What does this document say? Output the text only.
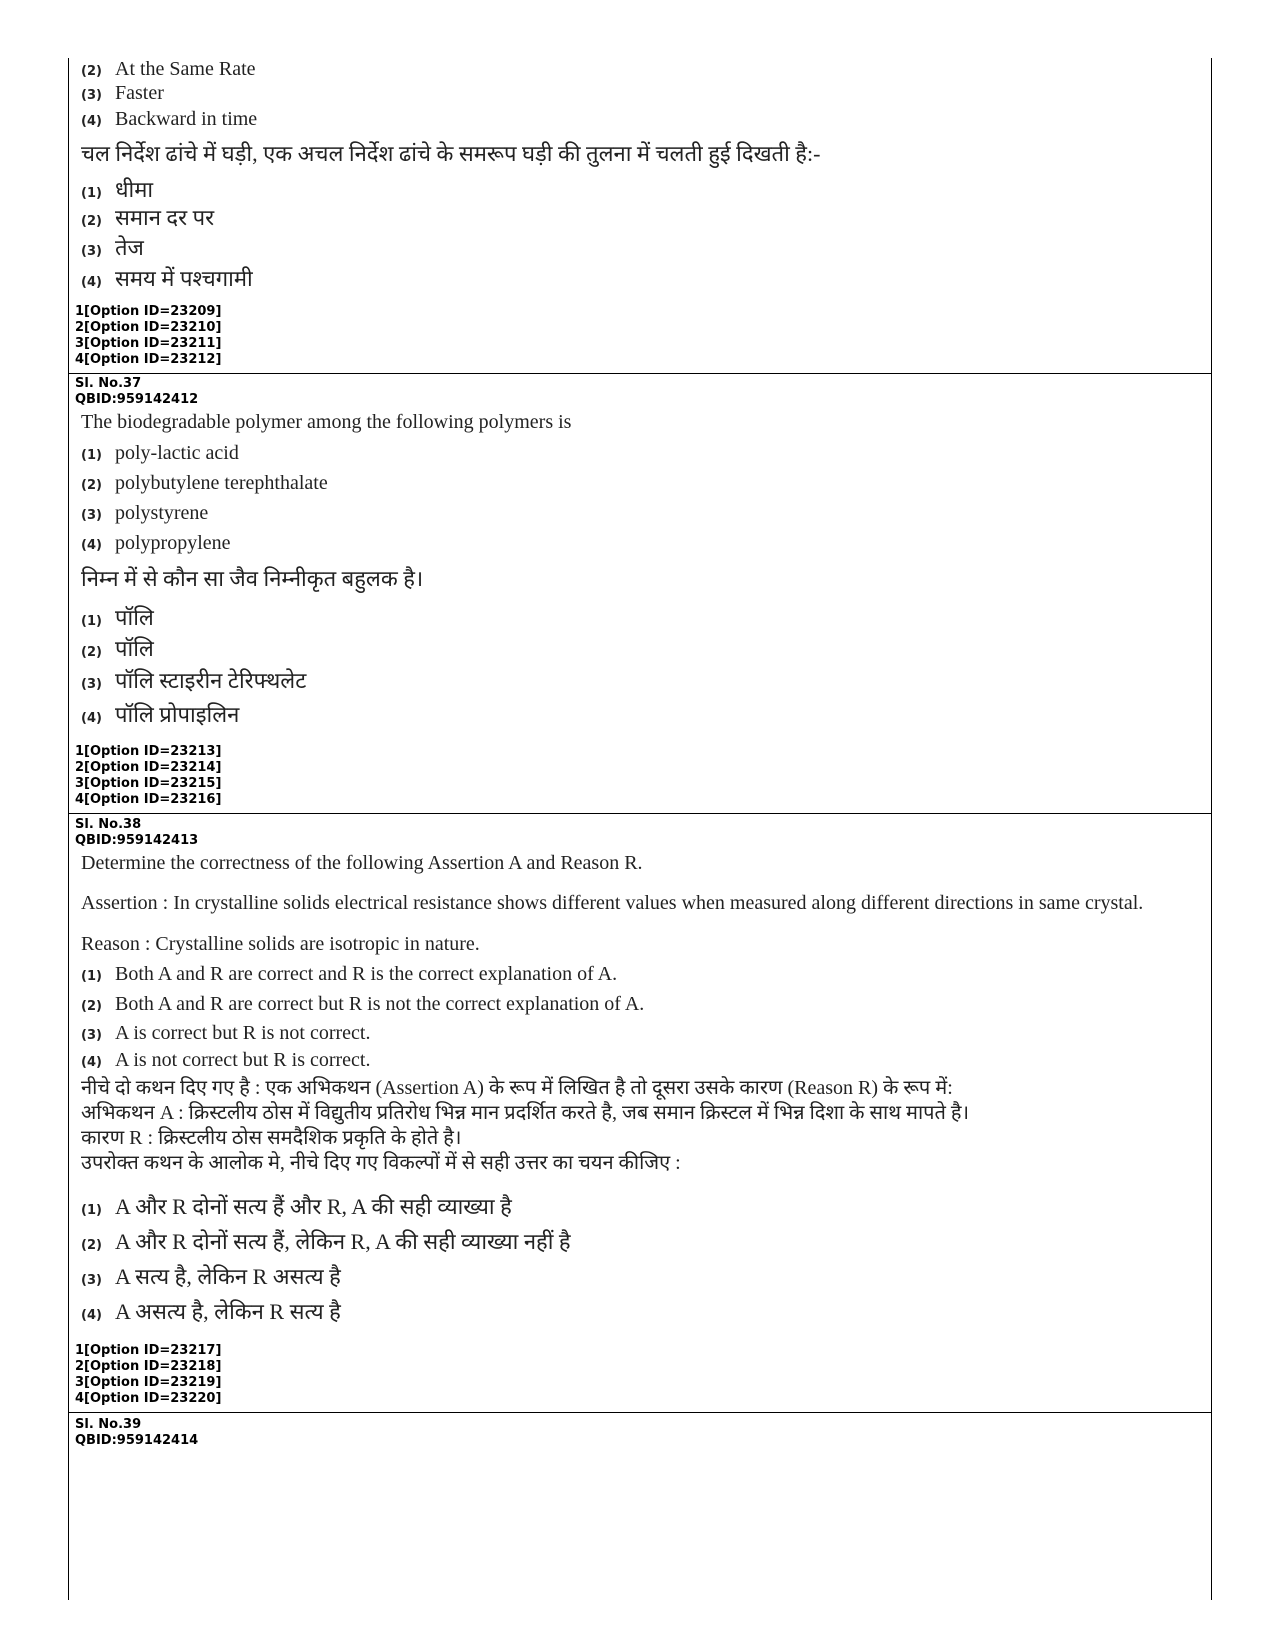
(2) At the Same Rate
(3) Faster
(4) Backward in time
चल निर्देश ढांचे में घड़ी, एक अचल निर्देश ढांचे के समरूप घड़ी की तुलना में चलती हुई दिखती है:-
(1) धीमा
(2) समान दर पर
(3) तेज
(4) समय में पश्चगामी
1[Option ID=23209]
2[Option ID=23210]
3[Option ID=23211]
4[Option ID=23212]
Sl. No.37
QBID:959142412
The biodegradable polymer among the following polymers is
(1) poly-lactic acid
(2) polybutylene terephthalate
(3) polystyrene
(4) polypropylene
निम्न में से कौन सा जैव निम्नीकृत बहुलक है।
(1) पॉलि
(2) पॉलि
(3) पॉलि स्टाइरीन टेरिफ्थलेट
(4) पॉलि प्रोपाइलिन
1[Option ID=23213]
2[Option ID=23214]
3[Option ID=23215]
4[Option ID=23216]
Sl. No.38
QBID:959142413
Determine the correctness of the following Assertion A and Reason R.
Assertion : In crystalline solids electrical resistance shows different values when measured along different directions in same crystal.
Reason : Crystalline solids are isotropic in nature.
(1) Both A and R are correct and R is the correct explanation of A.
(2) Both A and R are correct but R is not the correct explanation of A.
(3) A is correct but R is not correct.
(4) A is not correct but R is correct.
नीचे दो कथन दिए गए है : एक अभिकथन (Assertion A) के रूप में लिखित है तो दूसरा उसके कारण (Reason R) के रूप में:
अभिकथन A : क्रिस्टलीय ठोस में विद्युतीय प्रतिरोध भिन्न मान प्रदर्शित करते है, जब समान क्रिस्टल में भिन्न दिशा के साथ मापते है।
कारण R : क्रिस्टलीय ठोस समदैशिक प्रकृति के होते है।
उपरोक्त कथन के आलोक मे, नीचे दिए गए विकल्पों में से सही उत्तर का चयन कीजिए :
(1) A और R दोनों सत्य हैं और R, A की सही व्याख्या है
(2) A और R दोनों सत्य हैं, लेकिन R, A की सही व्याख्या नहीं है
(3) A सत्य है, लेकिन R असत्य है
(4) A असत्य है, लेकिन R सत्य है
1[Option ID=23217]
2[Option ID=23218]
3[Option ID=23219]
4[Option ID=23220]
Sl. No.39
QBID:959142414
